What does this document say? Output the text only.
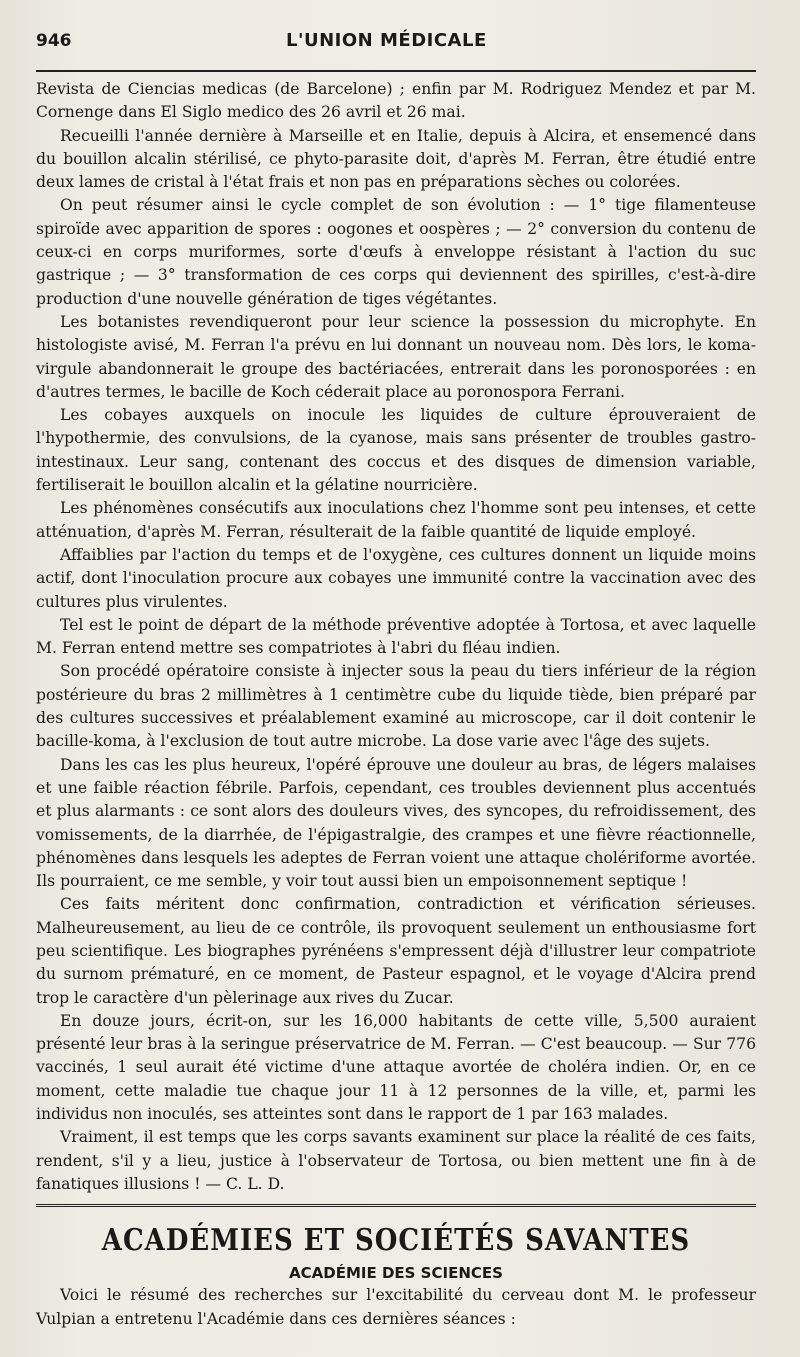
946	L'UNION MÉDICALE

Revista de Ciencias medicas (de Barcelone) ; enfin par M. Rodriguez Mendez et par M. Cornenge dans El Siglo medico des 26 avril et 26 mai.

Recueilli l'année dernière à Marseille et en Italie, depuis à Alcira, et ensemencé dans du bouillon alcalin stérilisé, ce phyto-parasite doit, d'après M. Ferran, être étudié entre deux lames de cristal à l'état frais et non pas en préparations sèches ou colorées.

On peut résumer ainsi le cycle complet de son évolution : — 1° tige filamenteuse spiroïde avec apparition de spores : oogones et oospères ; — 2° conversion du contenu de ceux-ci en corps muriformes, sorte d'œufs à enveloppe résistant à l'action du suc gastrique ; — 3° transformation de ces corps qui deviennent des spirilles, c'est-à-dire production d'une nouvelle génération de tiges végétantes.

Les botanistes revendiqueront pour leur science la possession du microphyte. En histologiste avisé, M. Ferran l'a prévu en lui donnant un nouveau nom. Dès lors, le koma-virgule abandonnerait le groupe des bactériacées, entrerait dans les poronosporées : en d'autres termes, le bacille de Koch céderait place au poronospora Ferrani.

Les cobayes auxquels on inocule les liquides de culture éprouveraient de l'hypothermie, des convulsions, de la cyanose, mais sans présenter de troubles gastro-intestinaux. Leur sang, contenant des coccus et des disques de dimension variable, fertiliserait le bouillon alcalin et la gélatine nourricière.

Les phénomènes consécutifs aux inoculations chez l'homme sont peu intenses, et cette atténuation, d'après M. Ferran, résulterait de la faible quantité de liquide employé.

Affaiblies par l'action du temps et de l'oxygène, ces cultures donnent un liquide moins actif, dont l'inoculation procure aux cobayes une immunité contre la vaccination avec des cultures plus virulentes.

Tel est le point de départ de la méthode préventive adoptée à Tortosa, et avec laquelle M. Ferran entend mettre ses compatriotes à l'abri du fléau indien.

Son procédé opératoire consiste à injecter sous la peau du tiers inférieur de la région postérieure du bras 2 millimètres à 1 centimètre cube du liquide tiède, bien préparé par des cultures successives et préalablement examiné au microscope, car il doit contenir le bacille-koma, à l'exclusion de tout autre microbe. La dose varie avec l'âge des sujets.

Dans les cas les plus heureux, l'opéré éprouve une douleur au bras, de légers malaises et une faible réaction fébrile. Parfois, cependant, ces troubles deviennent plus accentués et plus alarmants : ce sont alors des douleurs vives, des syncopes, du refroidissement, des vomissements, de la diarrhée, de l'épigastralgie, des crampes et une fièvre réactionnelle, phénomènes dans lesquels les adeptes de Ferran voient une attaque cholériforme avortée. Ils pourraient, ce me semble, y voir tout aussi bien un empoisonnement septique !

Ces faits méritent donc confirmation, contradiction et vérification sérieuses. Malheureusement, au lieu de ce contrôle, ils provoquent seulement un enthousiasme fort peu scientifique. Les biographes pyrénéens s'empressent déjà d'illustrer leur compatriote du surnom prématuré, en ce moment, de Pasteur espagnol, et le voyage d'Alcira prend trop le caractère d'un pèlerinage aux rives du Zucar.

En douze jours, écrit-on, sur les 16,000 habitants de cette ville, 5,500 auraient présenté leur bras à la seringue préservatrice de M. Ferran. — C'est beaucoup. — Sur 776 vaccinés, 1 seul aurait été victime d'une attaque avortée de choléra indien. Or, en ce moment, cette maladie tue chaque jour 11 à 12 personnes de la ville, et, parmi les individus non inoculés, ses atteintes sont dans le rapport de 1 par 163 malades.

Vraiment, il est temps que les corps savants examinent sur place la réalité de ces faits, rendent, s'il y a lieu, justice à l'observateur de Tortosa, ou bien mettent une fin à de fanatiques illusions ! — C. L. D.

ACADÉMIES ET SOCIÉTÉS SAVANTES
ACADÉMIE DES SCIENCES

Voici le résumé des recherches sur l'excitabilité du cerveau dont M. le professeur Vulpian a entretenu l'Académie dans ces dernières séances :
